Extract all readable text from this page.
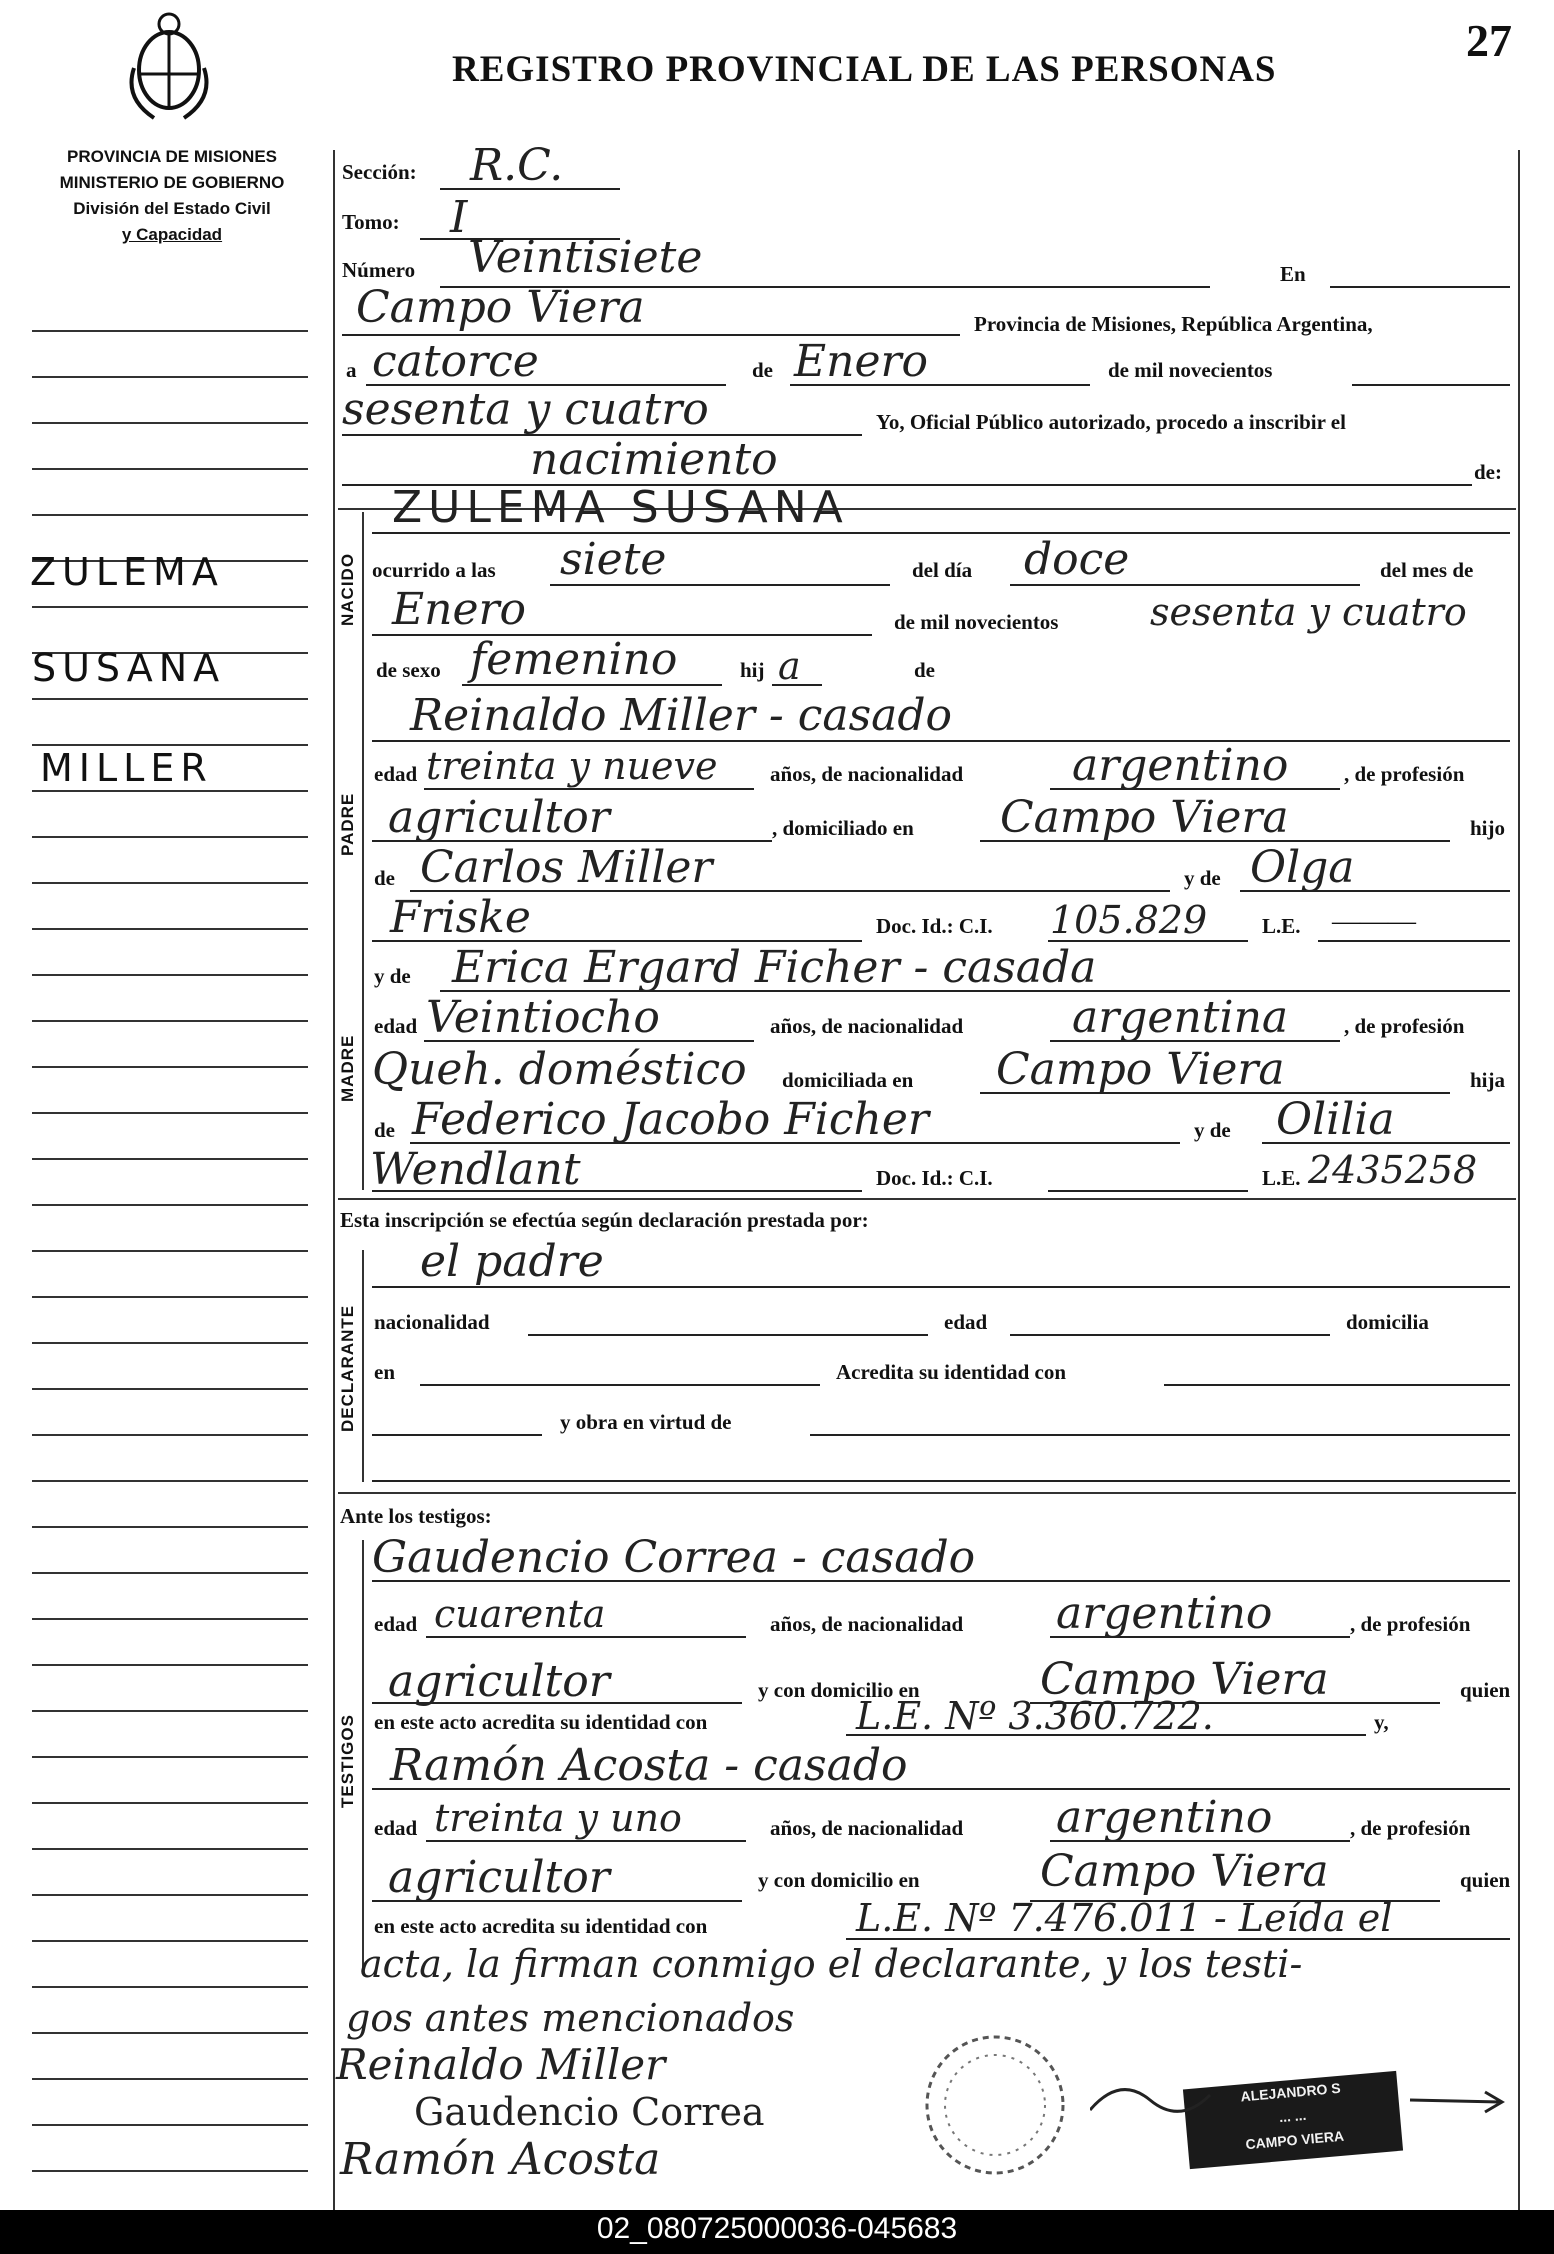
REGISTRO PROVINCIAL DE LAS PERSONAS
27
PROVINCIA DE MISIONES
MINISTERIO DE GOBIERNO
División del Estado Civil
y Capacidad
ZULEMA
SUSANA
MILLER
NACIDO
PADRE
MADRE
DECLARANTE
TESTIGOS
Sección: R.C.
Tomo: I
Número Veintisiete	En
Campo Viera	Provincia de Misiones, República Argentina,
a catorce	de Enero	de mil novecientos
sesenta y cuatro	Yo, Oficial Público autorizado, procedo a inscribir el
nacimiento	de:
ZULEMA SUSANA
ocurrido a las siete	del día doce	del mes de
Enero	de mil novecientos sesenta y cuatro
de sexo femenino	hij a	de
Reinaldo Miller - casado
edad treinta y nueve	años, de nacionalidad argentino	, de profesión
agricultor	, domiciliado en Campo Viera	hijo
de Carlos Miller	y de Olga
Friske	Doc. Id.: C.I. 105.829	L.E. ———
y de Erica Ergard Ficher - casada
edad Veintiocho	años, de nacionalidad argentina	, de profesión
Queh. doméstico domiciliada en Campo Viera	hija
de Federico Jacobo Ficher	y de Olilia
Wendlant	Doc. Id.: C.I.	L.E. 2435258
Esta inscripción se efectúa según declaración prestada por:
el padre
nacionalidad	edad	domicilia
en	Acredita su identidad con
y obra en virtud de
Ante los testigos:
Gaudencio Correa - casado
edad cuarenta	años, de nacionalidad argentino	, de profesión
agricultor	y con domicilio en	Campo Viera	quien
en este acto acredita su identidad con	L.E. Nº 3.360.722.	y,
Ramón Acosta - casado
edad treinta y uno	años, de nacionalidad argentino	, de profesión
agricultor	y con domicilio en	Campo Viera	quien
en este acto acredita su identidad con	L.E. Nº 7.476.011 - Leída el
acta, la firman conmigo el declarante, y los testi-
gos antes mencionados
Reinaldo Miller
Gaudencio Correa
Ramón Acosta
ALEJANDRO S
... ...
CAMPO VIERA
02_080725000036-045683
